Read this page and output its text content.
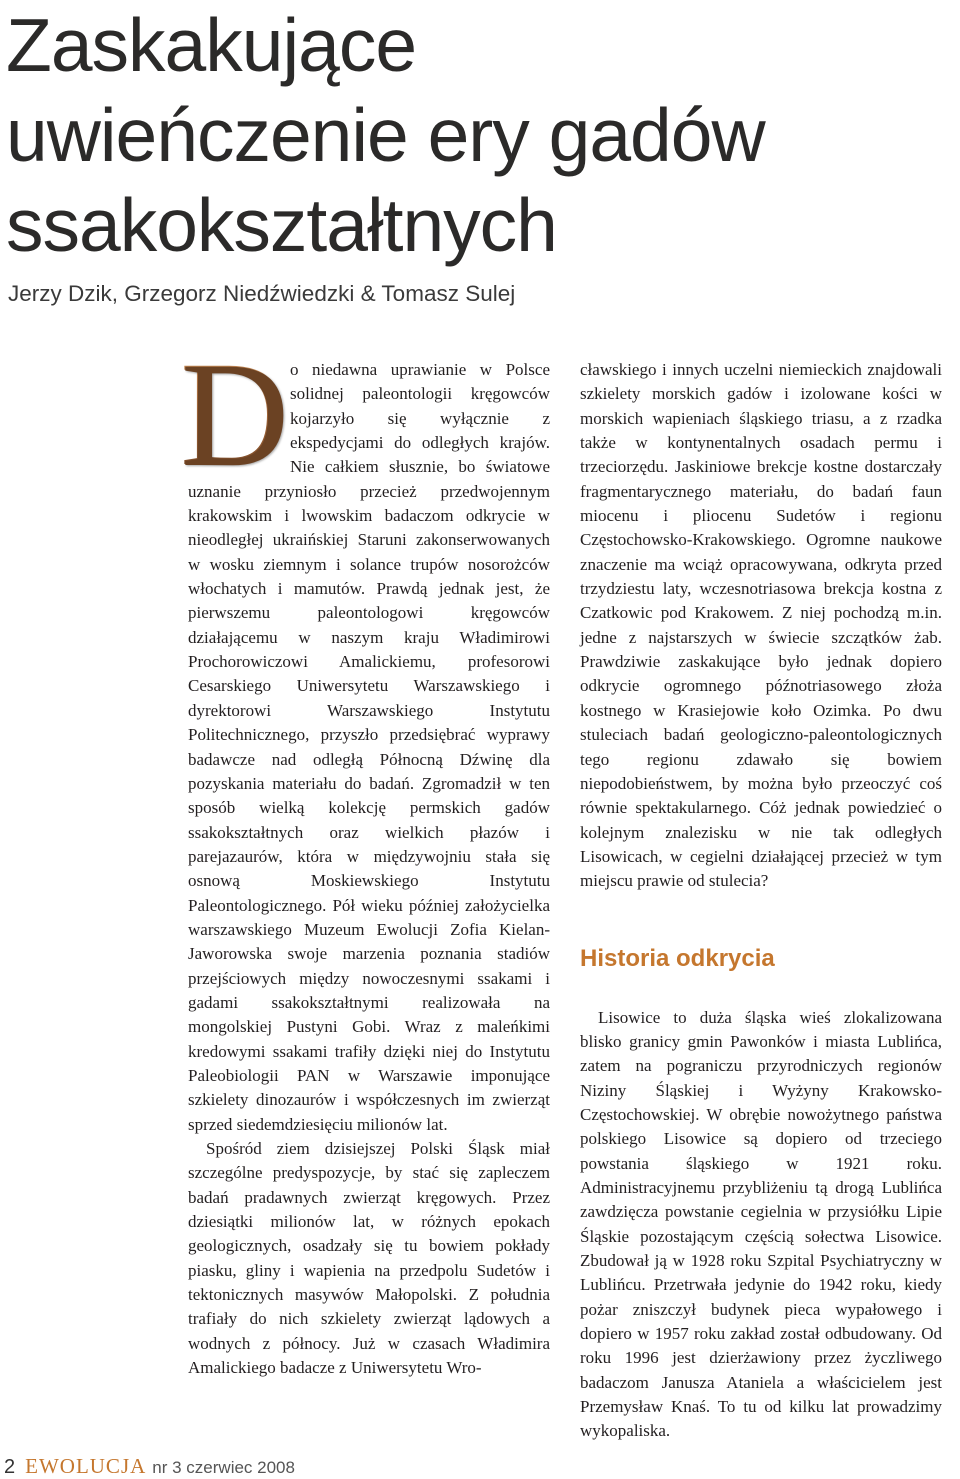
Zaskakujące
uwieńczenie ery gadów
ssakokształtnych
Jerzy Dzik, Grzegorz Niedźwiedzki & Tomasz Sulej

D o niedawna uprawianie w Polsce solidnej paleontologii kręgowców kojarzyło się wyłącznie z ekspedycjami do odległych krajów. Nie całkiem słusznie, bo światowe uznanie przyniosło przecież przedwojennym krakowskim i lwowskim badaczom odkrycie w nieodległej ukraińskiej Staruni zakonserwowanych w wosku ziemnym i solance trupów nosorożców włochatych i mamutów. Prawdą jednak jest, że pierwszemu paleontologowi kręgowców działającemu w naszym kraju Władimirowi Prochorowiczowi Amalickiemu, profesorowi Cesarskiego Uniwersytetu Warszawskiego i dyrektorowi Warszawskiego Instytutu Politechnicznego, przyszło przedsiębrać wyprawy badawcze nad odległą Północną Dźwinę dla pozyskania materiału do badań. Zgromadził w ten sposób wielką kolekcję permskich gadów ssakokształtnych oraz wielkich płazów i parejazaurów, która w międzywojniu stała się osnową Moskiewskiego Instytutu Paleontologicznego. Pół wieku później założycielka warszawskiego Muzeum Ewolucji Zofia Kielan-Jaworowska swoje marzenia poznania stadiów przejściowych między nowoczesnymi ssakami i gadami ssakokształtnymi realizowała na mongolskiej Pustyni Gobi. Wraz z maleńkimi kredowymi ssakami trafiły dzięki niej do Instytutu Paleobiologii PAN w Warszawie imponujące szkielety dinozaurów i współczesnych im zwierząt sprzed siedemdziesięciu milionów lat.

Spośród ziem dzisiejszej Polski Śląsk miał szczególne predyspozycje, by stać się zapleczem badań pradawnych zwierząt kręgowych. Przez dziesiątki milionów lat, w różnych epokach geologicznych, osadzały się tu bowiem pokłady piasku, gliny i wapienia na przedpolu Sudetów i tektonicznych masywów Małopolski. Z południa trafiały do nich szkielety zwierząt lądowych a wodnych z północy. Już w czasach Władimira Amalickiego badacze z Uniwersytetu Wro-

cławskiego i innych uczelni niemieckich znajdowali szkielety morskich gadów i izolowane kości w morskich wapieniach śląskiego triasu, a z rzadka także w kontynentalnych osadach permu i trzeciorzędu. Jaskiniowe brekcje kostne dostarczały fragmentarycznego materiału, do badań faun miocenu i pliocenu Sudetów i regionu Częstochowsko-Krakowskiego. Ogromne naukowe znaczenie ma wciąż opracowywana, odkryta przed trzydziestu laty, wczesnotriasowa brekcja kostna z Czatkowic pod Krakowem. Z niej pochodzą m.in. jedne z najstarszych w świecie szczątków żab. Prawdziwie zaskakujące było jednak dopiero odkrycie ogromnego późnotriasowego złoża kostnego w Krasiejowie koło Ozimka. Po dwu stuleciach badań geologiczno-paleontologicznych tego regionu zdawało się bowiem niepodobieństwem, by można było przeoczyć coś równie spektakularnego. Cóż jednak powiedzieć o kolejnym znalezisku w nie tak odległych Lisowicach, w cegielni działającej przecież w tym miejscu prawie od stulecia?

Historia odkrycia

Lisowice to duża śląska wieś zlokalizowana blisko granicy gmin Pawonków i miasta Lublińca, zatem na pograniczu przyrodniczych regionów Niziny Śląskiej i Wyżyny Krakowsko-Częstochowskiej. W obrębie nowożytnego państwa polskiego Lisowice są dopiero od trzeciego powstania śląskiego w 1921 roku. Administracyjnemu przybliżeniu tą drogą Lublińca zawdzięcza powstanie cegielnia w przysiółku Lipie Śląskie pozostającym częścią sołectwa Lisowice. Zbudował ją w 1928 roku Szpital Psychiatryczny w Lublińcu. Przetrwała jedynie do 1942 roku, kiedy pożar zniszczył budynek pieca wypałowego i dopiero w 1957 roku zakład został odbudowany. Od roku 1996 jest dzierżawiony przez życzliwego badaczom Janusza Ataniela a właścicielem jest Przemysław Knaś. To tu od kilku lat prowadzimy wykopaliska.

2 EWOLUCJA nr 3 czerwiec 2008
